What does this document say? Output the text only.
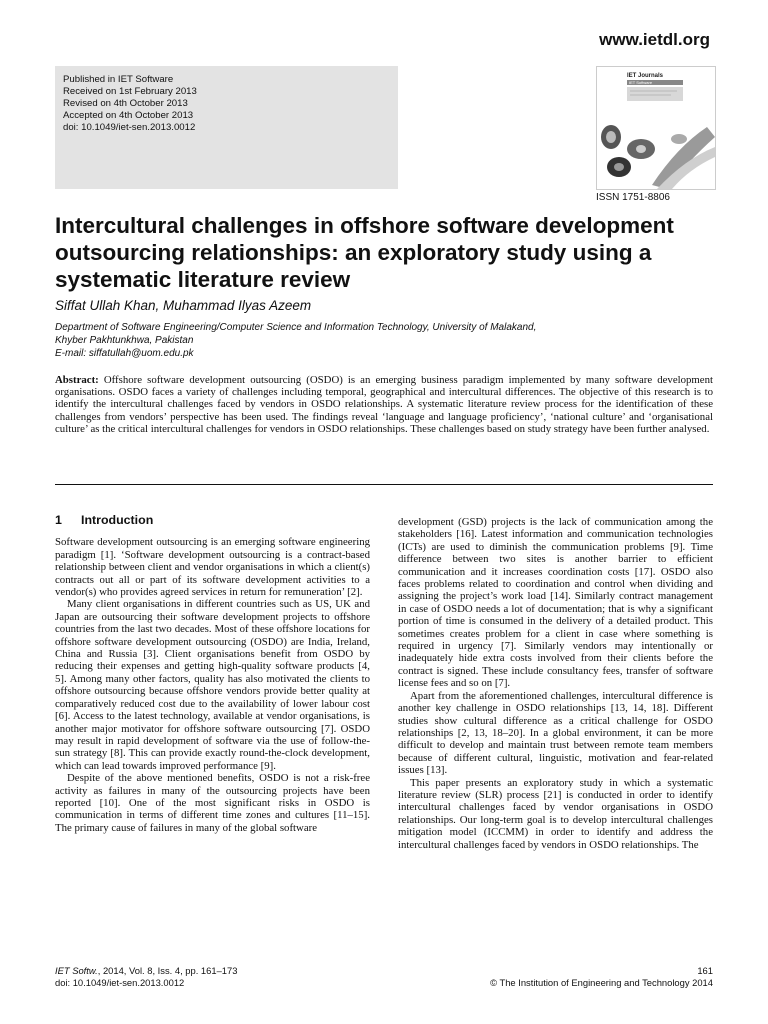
www.ietdl.org
Published in IET Software
Received on 1st February 2013
Revised on 4th October 2013
Accepted on 4th October 2013
doi: 10.1049/iet-sen.2013.0012
IET Journals
IET Software
ISSN 1751-8806
Intercultural challenges in offshore software development outsourcing relationships: an exploratory study using a systematic literature review
Siffat Ullah Khan, Muhammad Ilyas Azeem
Department of Software Engineering/Computer Science and Information Technology, University of Malakand,
Khyber Pakhtunkhwa, Pakistan
E-mail: siffatullah@uom.edu.pk

Abstract: Offshore software development outsourcing (OSDO) is an emerging business paradigm implemented by many software development organisations. OSDO faces a variety of challenges including temporal, geographical and intercultural differences. The objective of this research is to identify the intercultural challenges faced by vendors in OSDO relationships. A systematic literature review process for the identification of these challenges from vendors’ perspective has been used. The findings reveal ‘language and language proficiency’, ‘national culture’ and ‘organisational culture’ as the critical intercultural challenges for vendors in OSDO relationships. These challenges based on study strategy have been further analysed.

1 Introduction

Software development outsourcing is an emerging software engineering paradigm [1]. ‘Software development outsourcing is a contract-based relationship between client and vendor organisations in which a client(s) contracts out all or part of its software development activities to a vendor(s) who provides agreed services in return for remuneration’ [2].

Many client organisations in different countries such as US, UK and Japan are outsourcing their software development projects to offshore countries from the last two decades. Most of these offshore locations for offshore software development outsourcing (OSDO) are India, Ireland, China and Russia [3]. Client organisations benefit from OSDO by reducing their expenses and getting high-quality software products [4, 5]. Among many other factors, quality has also motivated the clients to offshore outsourcing because offshore vendors provide better quality at comparatively reduced cost due to the availability of lower labour cost [6]. Access to the latest technology, available at vendor organisations, is another major motivator for offshore software outsourcing [7]. OSDO may result in rapid development of software via the use of follow-the-sun strategy [8]. This can provide exactly round-the-clock development, which can lead towards improved performance [9].

Despite of the above mentioned benefits, OSDO is not a risk-free activity as failures in many of the outsourcing projects have been reported [10]. One of the most significant risks in OSDO is communication in terms of different time zones and cultures [11–15]. The primary cause of failures in many of the global software

development (GSD) projects is the lack of communication among the stakeholders [16]. Latest information and communication technologies (ICTs) are used to diminish the communication problems [9]. Time difference between two sites is another barrier to efficient communication and it increases coordination costs [17]. OSDO also faces problems related to coordination and control when dividing and assigning the project’s work load [14]. Similarly contract management in case of OSDO needs a lot of documentation; that is why a significant portion of time is consumed in the delivery of a detailed product. This sometimes creates problem for a client in case where something is required in urgency [7]. Similarly vendors may intentionally or inadequately hide extra costs involved from their clients before the contract is signed. These include consultancy fees, transfer of software license fees and so on [7].

Apart from the aforementioned challenges, intercultural difference is another key challenge in OSDO relationships [13, 14, 18]. Different studies show cultural difference as a critical challenge for OSDO relationships [2, 13, 18–20]. In a global environment, it can be more difficult to develop and maintain trust between remote team members because of different cultural, linguistic, motivation and fear-related issues [13].

This paper presents an exploratory study in which a systematic literature review (SLR) process [21] is conducted in order to identify intercultural challenges faced by vendor organisations in OSDO relationships. Our long-term goal is to develop intercultural challenges mitigation model (ICCMM) in order to identify and address the intercultural challenges faced by vendors in OSDO relationships. The

IET Softw., 2014, Vol. 8, Iss. 4, pp. 161–173
doi: 10.1049/iet-sen.2013.0012
161
© The Institution of Engineering and Technology 2014
